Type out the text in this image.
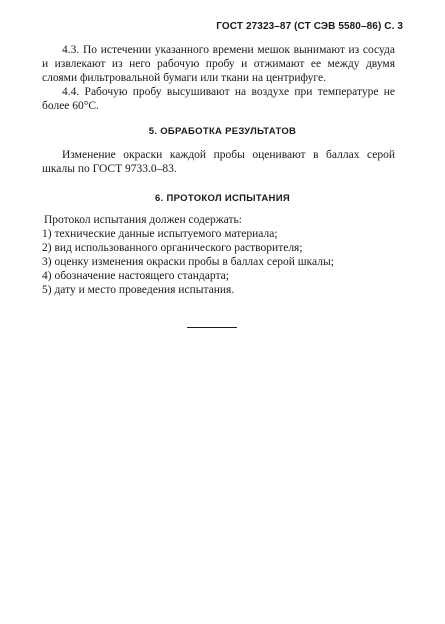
ГОСТ 27323–87 (СТ СЭВ 5580–86) С. 3

4.3. По истечении указанного времени мешок вынимают из сосуда и извлекают из него рабочую пробу и отжимают ее между двумя слоями фильтровальной бумаги или ткани на центрифуге.

4.4. Рабочую пробу высушивают на воздухе при температуре не более 60°С.

5. ОБРАБОТКА РЕЗУЛЬТАТОВ

Изменение окраски каждой пробы оценивают в баллах серой шкалы по ГОСТ 9733.0–83.

6. ПРОТОКОЛ ИСПЫТАНИЯ

Протокол испытания должен содержать:

1) технические данные испытуемого материала;
2) вид использованного органического растворителя;
3) оценку изменения окраски пробы в баллах серой шкалы;
4) обозначение настоящего стандарта;
5) дату и место проведения испытания.
